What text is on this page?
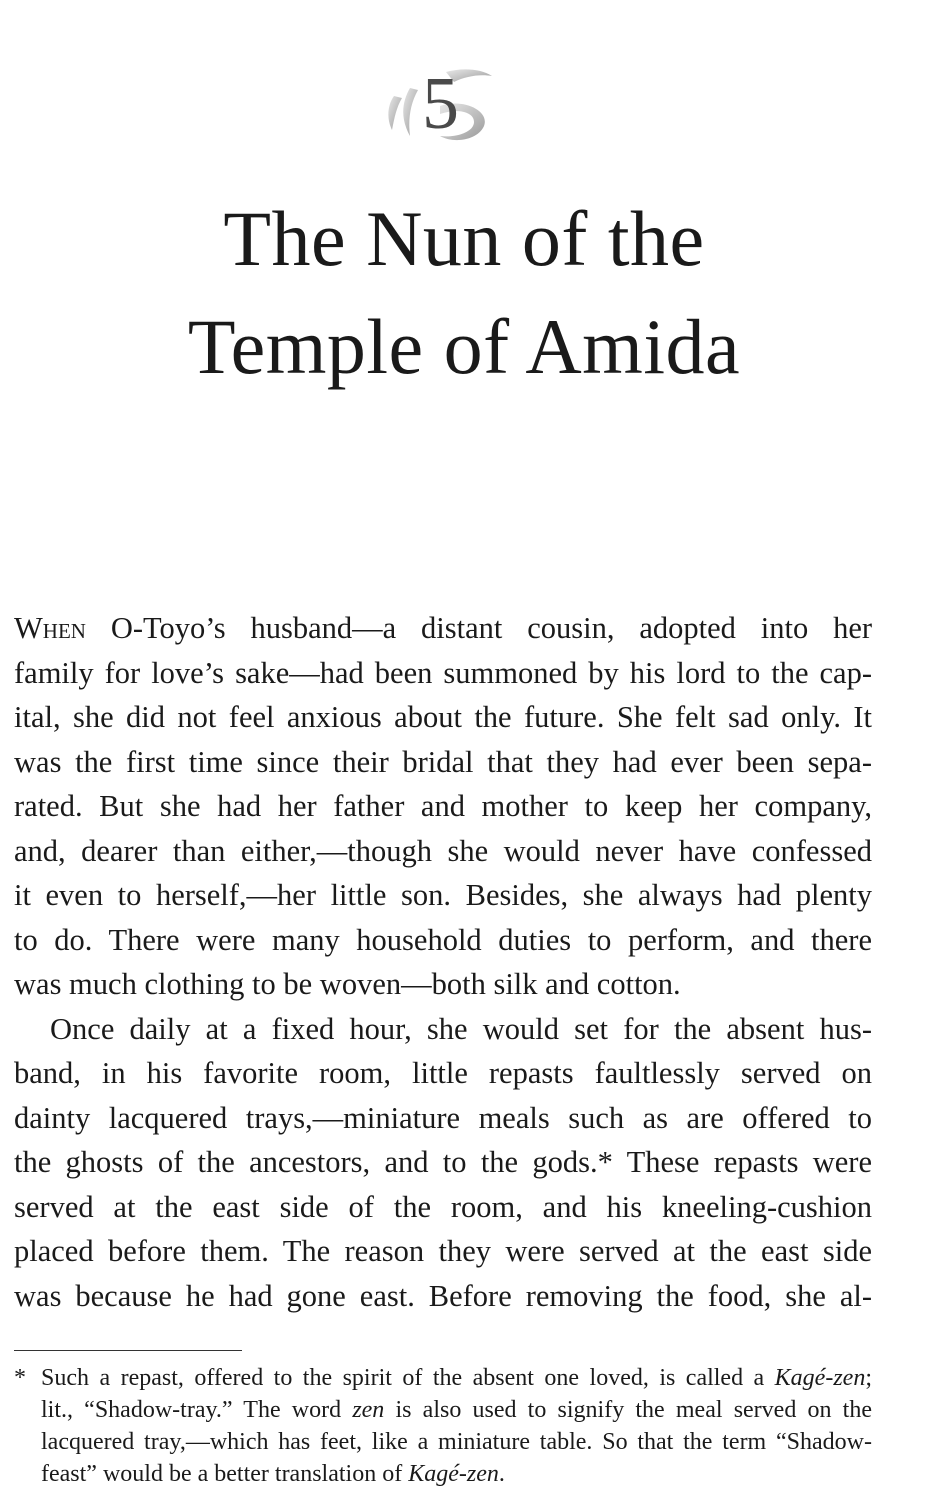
5
The Nun of the
Temple of Amida

When O-Toyo’s husband—a distant cousin, adopted into her
family for love’s sake—had been summoned by his lord to the cap-
ital, she did not feel anxious about the future. She felt sad only. It
was the first time since their bridal that they had ever been sepa-
rated. But she had her father and mother to keep her company,
and, dearer than either,—though she would never have confessed
it even to herself,—her little son. Besides, she always had plenty
to do. There were many household duties to perform, and there
was much clothing to be woven—both silk and cotton.

Once daily at a fixed hour, she would set for the absent hus-
band, in his favorite room, little repasts faultlessly served on
dainty lacquered trays,—miniature meals such as are offered to
the ghosts of the ancestors, and to the gods.* These repasts were
served at the east side of the room, and his kneeling-cushion
placed before them. The reason they were served at the east side
was because he had gone east. Before removing the food, she al-

* Such a repast, offered to the spirit of the absent one loved, is called a Kagé-zen;
lit., “Shadow-tray.” The word zen is also used to signify the meal served on the
lacquered tray,—which has feet, like a miniature table. So that the term “Shadow-
feast” would be a better translation of Kagé-zen.
